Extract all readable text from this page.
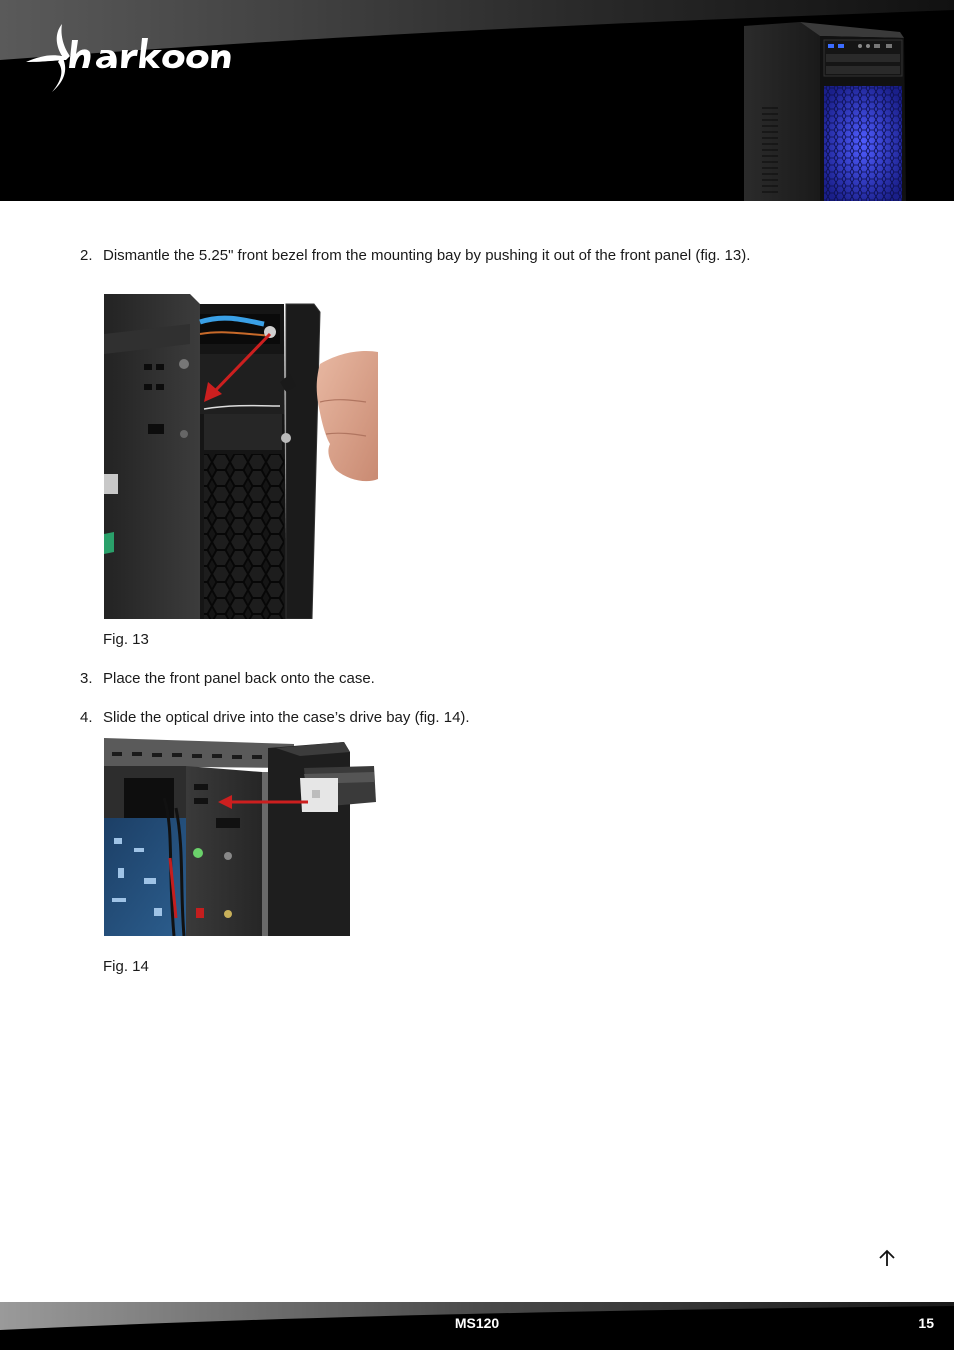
2. Dismantle the 5.25" front bezel from the mounting bay by pushing it out of the front panel (fig. 13).
Fig. 13
3. Place the front panel back onto the case.
4. Slide the optical drive into the case’s drive bay (fig. 14).
Fig. 14
MS120	15
